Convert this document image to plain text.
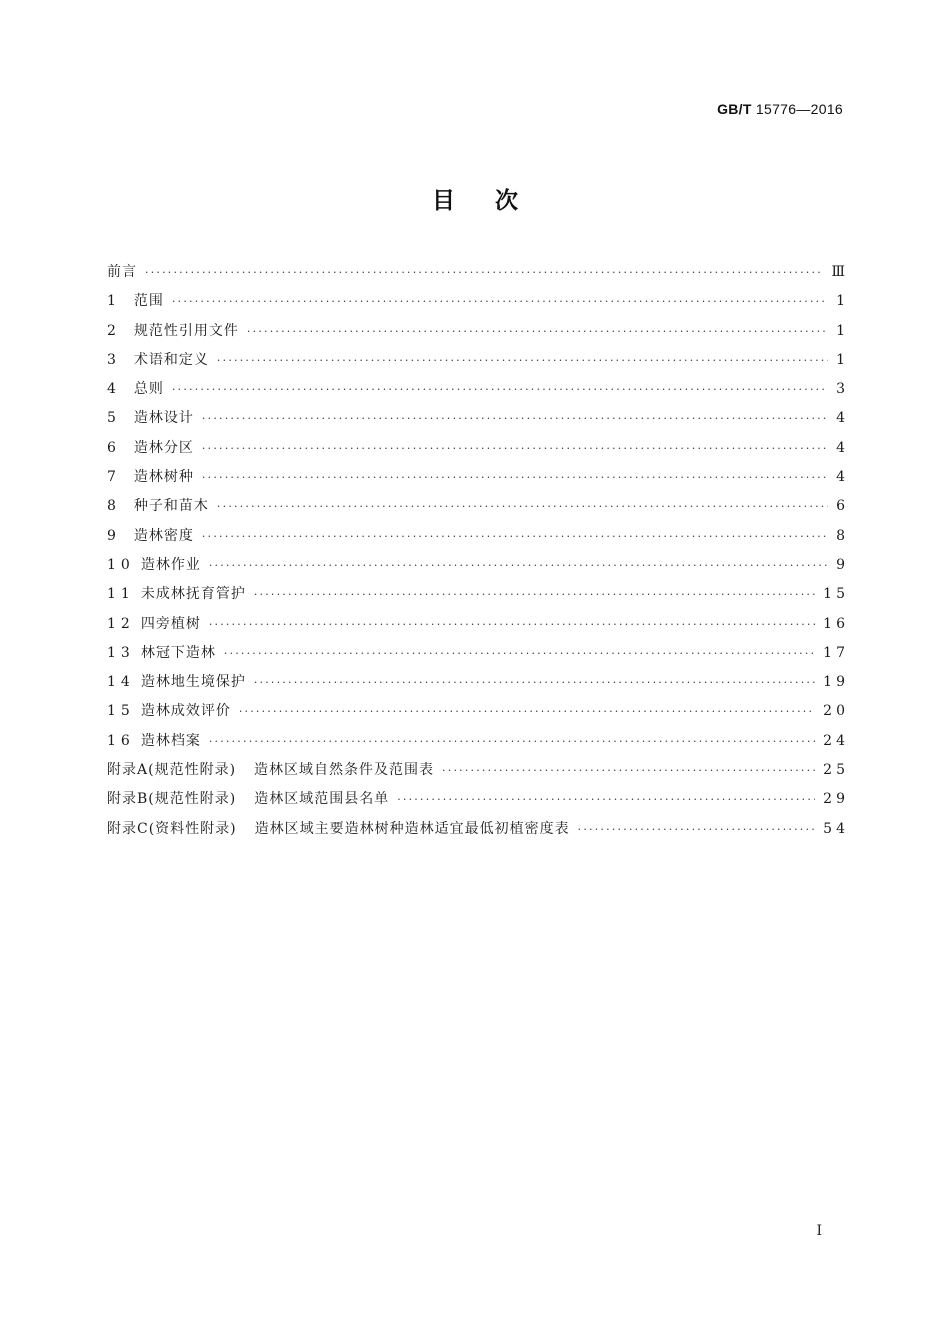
GB/T 15776—2016
目次
前言 ·····	Ⅲ
1 范围 ·····	1
2 规范性引用文件 ·····	1
3 术语和定义 ·····	1
4 总则 ·····	3
5 造林设计 ·····	4
6 造林分区 ·····	4
7 造林树种 ·····	4
8 种子和苗木 ·····	6
9 造林密度 ·····	8
10 造林作业 ·····	9
11 未成林抚育管护 ·····	15
12 四旁植树 ·····	16
13 林冠下造林 ·····	17
14 造林地生境保护 ·····	19
15 造林成效评价 ·····	20
16 造林档案 ·····	24
附录A(规范性附录) 造林区域自然条件及范围表 ·····	25
附录B(规范性附录) 造林区域范围县名单 ·····	29
附录C(资料性附录) 造林区域主要造林树种造林适宜最低初植密度表 ·····	54
I
